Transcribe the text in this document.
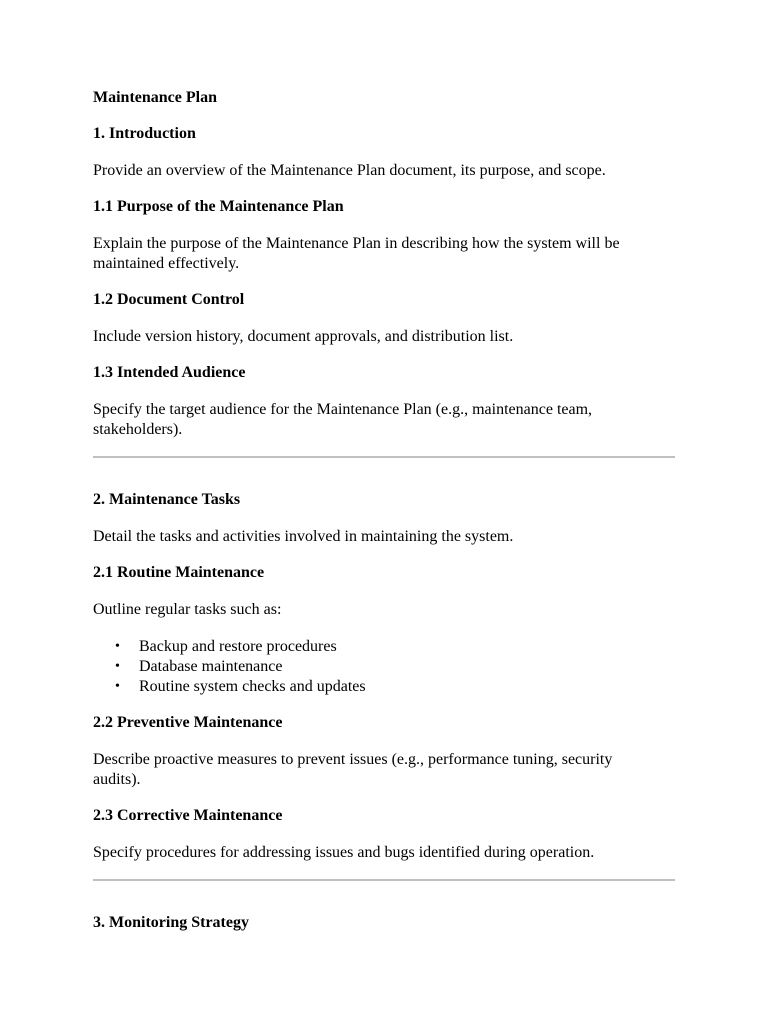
Maintenance Plan

1. Introduction

Provide an overview of the Maintenance Plan document, its purpose, and scope.

1.1 Purpose of the Maintenance Plan

Explain the purpose of the Maintenance Plan in describing how the system will be maintained effectively.

1.2 Document Control

Include version history, document approvals, and distribution list.

1.3 Intended Audience

Specify the target audience for the Maintenance Plan (e.g., maintenance team, stakeholders).

2. Maintenance Tasks

Detail the tasks and activities involved in maintaining the system.

2.1 Routine Maintenance

Outline regular tasks such as:

• Backup and restore procedures
• Database maintenance
• Routine system checks and updates

2.2 Preventive Maintenance

Describe proactive measures to prevent issues (e.g., performance tuning, security audits).

2.3 Corrective Maintenance

Specify procedures for addressing issues and bugs identified during operation.

3. Monitoring Strategy
